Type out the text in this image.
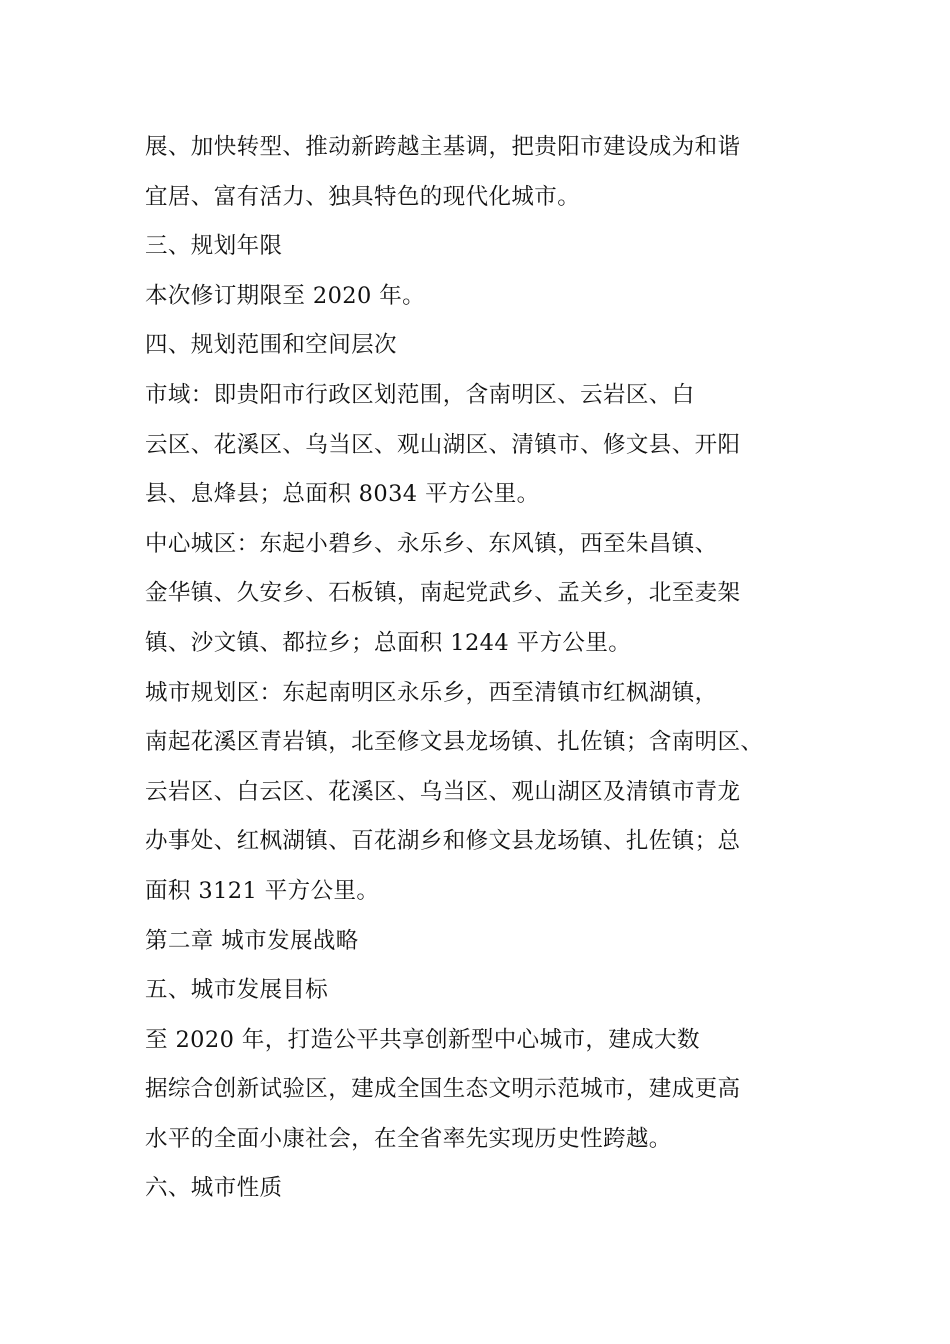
展、加快转型、推动新跨越主基调，把贵阳市建设成为和谐
宜居、富有活力、独具特色的现代化城市。
三、规划年限
本次修订期限至 2020 年。
四、规划范围和空间层次
市域：即贵阳市行政区划范围，含南明区、云岩区、白
云区、花溪区、乌当区、观山湖区、清镇市、修文县、开阳
县、息烽县；总面积 8034 平方公里。
中心城区：东起小碧乡、永乐乡、东风镇，西至朱昌镇、
金华镇、久安乡、石板镇，南起党武乡、孟关乡，北至麦架
镇、沙文镇、都拉乡；总面积 1244 平方公里。
城市规划区：东起南明区永乐乡，西至清镇市红枫湖镇，
南起花溪区青岩镇，北至修文县龙场镇、扎佐镇；含南明区、
云岩区、白云区、花溪区、乌当区、观山湖区及清镇市青龙
办事处、红枫湖镇、百花湖乡和修文县龙场镇、扎佐镇；总
面积 3121 平方公里。
第二章 城市发展战略
五、城市发展目标
至 2020 年，打造公平共享创新型中心城市，建成大数
据综合创新试验区，建成全国生态文明示范城市，建成更高
水平的全面小康社会，在全省率先实现历史性跨越。
六、城市性质
